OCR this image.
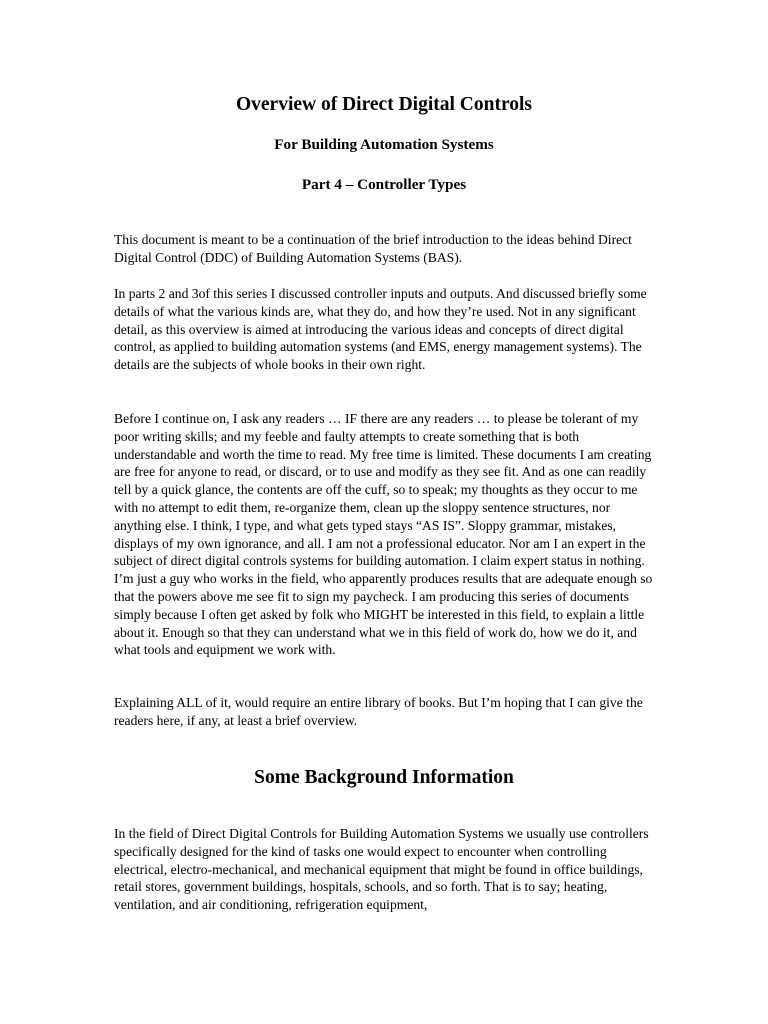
Overview of Direct Digital Controls
For Building Automation Systems
Part 4 – Controller Types

This document is meant to be a continuation of the brief introduction to the ideas behind Direct Digital Control (DDC) of Building Automation Systems (BAS).

In parts 2 and 3of this series I discussed controller inputs and outputs. And discussed briefly some details of what the various kinds are, what they do, and how they’re used. Not in any significant detail, as this overview is aimed at introducing the various ideas and concepts of direct digital control, as applied to building automation systems (and EMS, energy management systems). The details are the subjects of whole books in their own right.

Before I continue on, I ask any readers … IF there are any readers … to please be tolerant of my poor writing skills; and my feeble and faulty attempts to create something that is both understandable and worth the time to read. My free time is limited. These documents I am creating are free for anyone to read, or discard, or to use and modify as they see fit. And as one can readily tell by a quick glance, the contents are off the cuff, so to speak; my thoughts as they occur to me with no attempt to edit them, re-organize them, clean up the sloppy sentence structures, nor anything else. I think, I type, and what gets typed stays “AS IS”. Sloppy grammar, mistakes, displays of my own ignorance, and all. I am not a professional educator. Nor am I an expert in the subject of direct digital controls systems for building automation. I claim expert status in nothing. I’m just a guy who works in the field, who apparently produces results that are adequate enough so that the powers above me see fit to sign my paycheck. I am producing this series of documents simply because I often get asked by folk who MIGHT be interested in this field, to explain a little about it. Enough so that they can understand what we in this field of work do, how we do it, and what tools and equipment we work with.

Explaining ALL of it, would require an entire library of books. But I’m hoping that I can give the readers here, if any, at least a brief overview.

Some Background Information

In the field of Direct Digital Controls for Building Automation Systems we usually use controllers specifically designed for the kind of tasks one would expect to encounter when controlling electrical, electro-mechanical, and mechanical equipment that might be found in office buildings, retail stores, government buildings, hospitals, schools, and so forth. That is to say; heating, ventilation, and air conditioning, refrigeration equipment,
